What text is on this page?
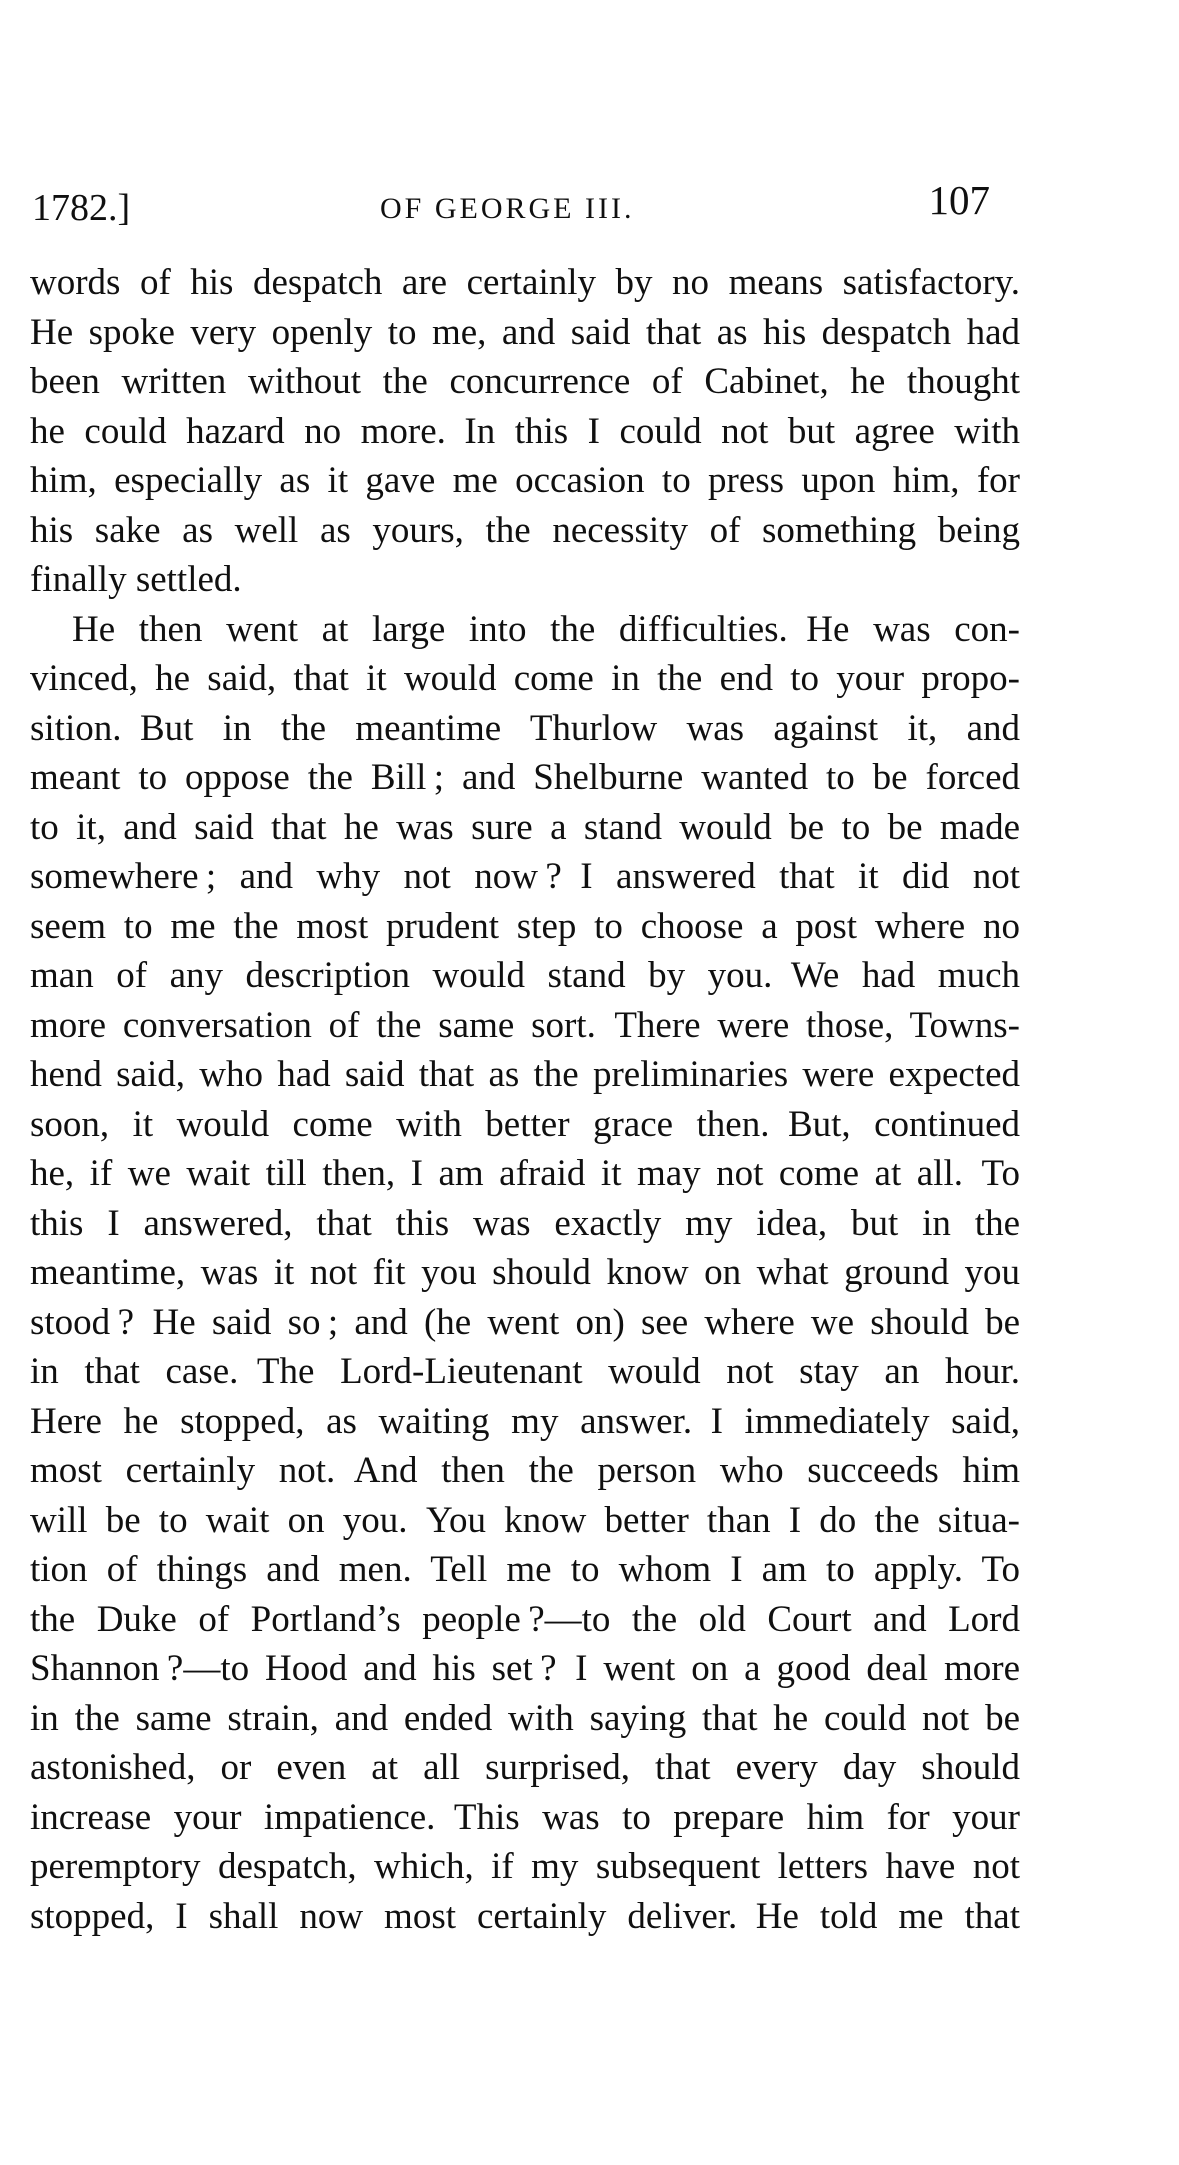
1782.]	OF GEORGE III.	107
words of his despatch are certainly by no means satisfactory.
He spoke very openly to me, and said that as his despatch had
been written without the concurrence of Cabinet, he thought
he could hazard no more. In this I could not but agree with
him, especially as it gave me occasion to press upon him, for
his sake as well as yours, the necessity of something being
finally settled.
He then went at large into the difficulties. He was con-
vinced, he said, that it would come in the end to your propo-
sition. But in the meantime Thurlow was against it, and
meant to oppose the Bill ; and Shelburne wanted to be forced
to it, and said that he was sure a stand would be to be made
somewhere ; and why not now ? I answered that it did not
seem to me the most prudent step to choose a post where no
man of any description would stand by you. We had much
more conversation of the same sort. There were those, Towns-
hend said, who had said that as the preliminaries were expected
soon, it would come with better grace then. But, continued
he, if we wait till then, I am afraid it may not come at all. To
this I answered, that this was exactly my idea, but in the
meantime, was it not fit you should know on what ground you
stood ? He said so ; and (he went on) see where we should be
in that case. The Lord-Lieutenant would not stay an hour.
Here he stopped, as waiting my answer. I immediately said,
most certainly not. And then the person who succeeds him
will be to wait on you. You know better than I do the situa-
tion of things and men. Tell me to whom I am to apply. To
the Duke of Portland’s people ?—to the old Court and Lord
Shannon ?—to Hood and his set ? I went on a good deal more
in the same strain, and ended with saying that he could not be
astonished, or even at all surprised, that every day should
increase your impatience. This was to prepare him for your
peremptory despatch, which, if my subsequent letters have not
stopped, I shall now most certainly deliver. He told me that
